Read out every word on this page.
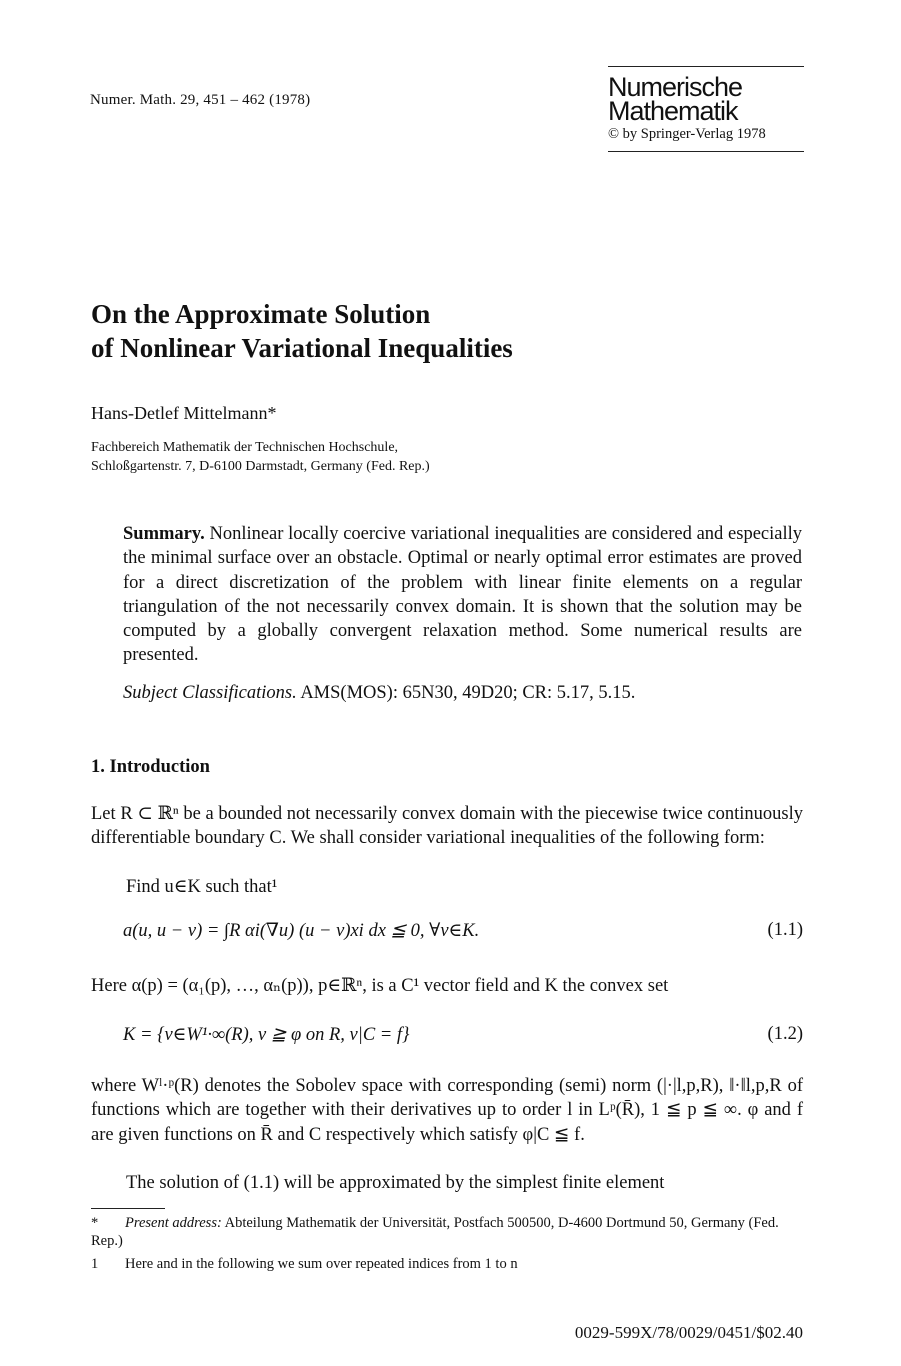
Numer. Math. 29, 451 – 462 (1978)	Numerische
Mathematik
© by Springer-Verlag 1978
On the Approximate Solution
of Nonlinear Variational Inequalities
Hans-Detlef Mittelmann*
Fachbereich Mathematik der Technischen Hochschule,
Schloßgartenstr. 7, D-6100 Darmstadt, Germany (Fed. Rep.)
Summary. Nonlinear locally coercive variational inequalities are considered and especially the minimal surface over an obstacle. Optimal or nearly optimal error estimates are proved for a direct discretization of the problem with linear finite elements on a regular triangulation of the not necessarily convex domain. It is shown that the solution may be computed by a globally convergent relaxation method. Some numerical results are presented.
Subject Classifications. AMS(MOS): 65N30, 49D20; CR: 5.17, 5.15.
1. Introduction
Let R ⊂ ℝⁿ be a bounded not necessarily convex domain with the piecewise twice continuously differentiable boundary C. We shall consider variational inequalities of the following form:
Find u∈K such that¹
a(u, u − v) = ∫R αi(∇u) (u − v)xi dx ≦ 0, ∀v∈K.	(1.1)
Here α(p) = (α₁(p), …, αₙ(p)), p∈ℝⁿ, is a C¹ vector field and K the convex set
K = {v∈W¹·∞(R), v ≧ φ on R, v|C = f}	(1.2)
where Wˡ·ᵖ(R) denotes the Sobolev space with corresponding (semi) norm (|·|l,p,R), ‖·‖l,p,R of functions which are together with their derivatives up to order l in Lᵖ(R̄), 1 ≦ p ≦ ∞. φ and f are given functions on R̄ and C respectively which satisfy φ|C ≦ f.
The solution of (1.1) will be approximated by the simplest finite element
* Present address: Abteilung Mathematik der Universität, Postfach 500500, D-4600 Dortmund 50, Germany (Fed. Rep.)
1 Here and in the following we sum over repeated indices from 1 to n
0029-599X/78/0029/0451/$02.40
